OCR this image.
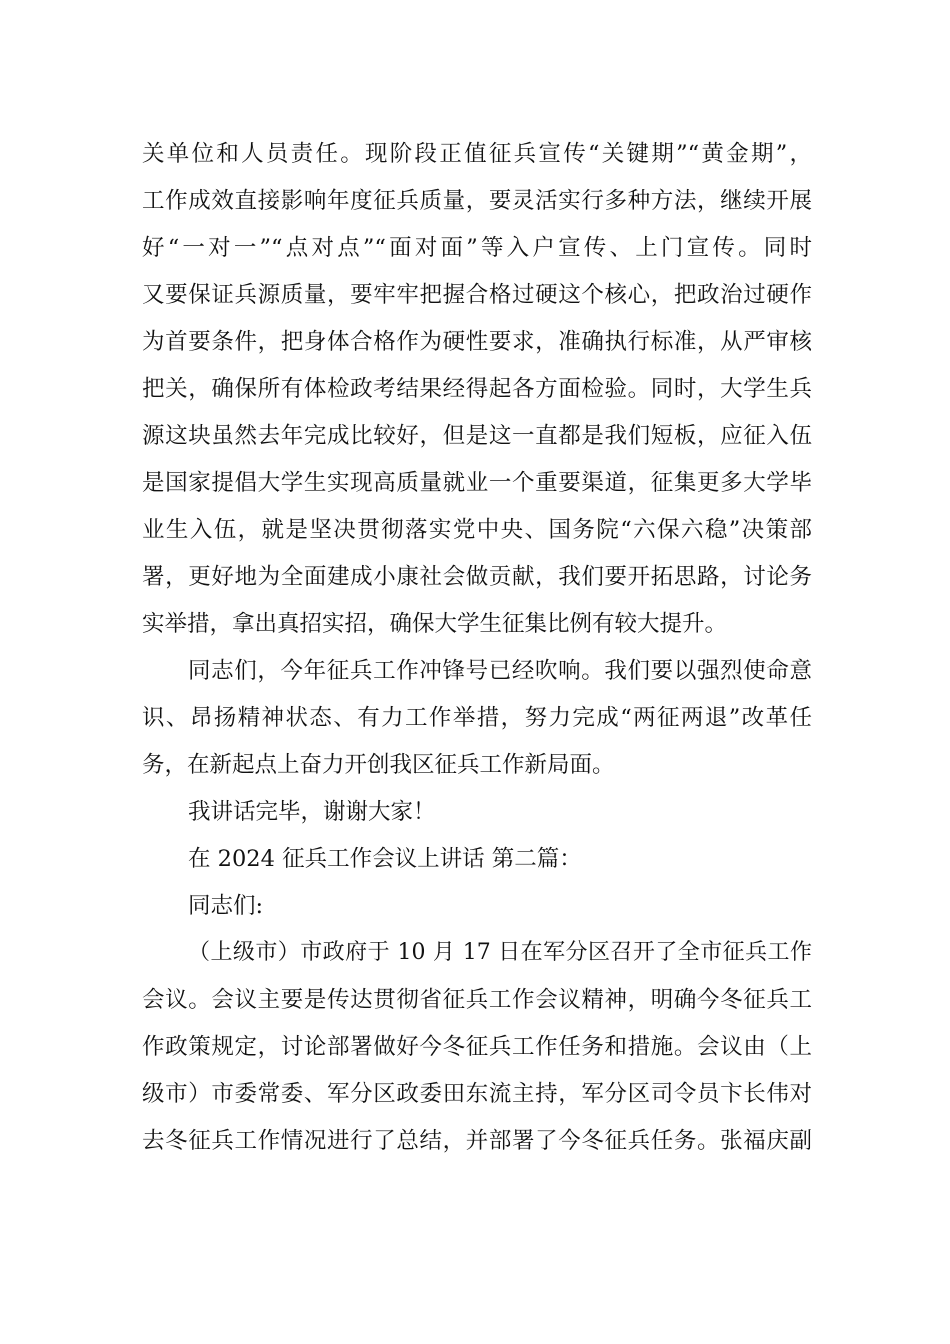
关单位和人员责任。现阶段正值征兵宣传“关键期”“黄金期”，
工作成效直接影响年度征兵质量，要灵活实行多种方法，继续开展
好“一对一”“点对点”“面对面”等入户宣传、上门宣传。同时
又要保证兵源质量，要牢牢把握合格过硬这个核心，把政治过硬作
为首要条件，把身体合格作为硬性要求，准确执行标准，从严审核
把关，确保所有体检政考结果经得起各方面检验。同时，大学生兵
源这块虽然去年完成比较好，但是这一直都是我们短板，应征入伍
是国家提倡大学生实现高质量就业一个重要渠道，征集更多大学毕
业生入伍，就是坚决贯彻落实党中央、国务院“六保六稳”决策部
署，更好地为全面建成小康社会做贡献，我们要开拓思路，讨论务
实举措，拿出真招实招，确保大学生征集比例有较大提升。
同志们，今年征兵工作冲锋号已经吹响。我们要以强烈使命意
识、昂扬精神状态、有力工作举措，努力完成“两征两退”改革任
务，在新起点上奋力开创我区征兵工作新局面。
我讲话完毕，谢谢大家！
在 2024 征兵工作会议上讲话 第二篇：
同志们:
（上级市）市政府于 10 月 17 日在军分区召开了全市征兵工作
会议。会议主要是传达贯彻省征兵工作会议精神，明确今冬征兵工
作政策规定，讨论部署做好今冬征兵工作任务和措施。会议由（上
级市）市委常委、军分区政委田东流主持，军分区司令员卞长伟对
去冬征兵工作情况进行了总结，并部署了今冬征兵任务。张福庆副
